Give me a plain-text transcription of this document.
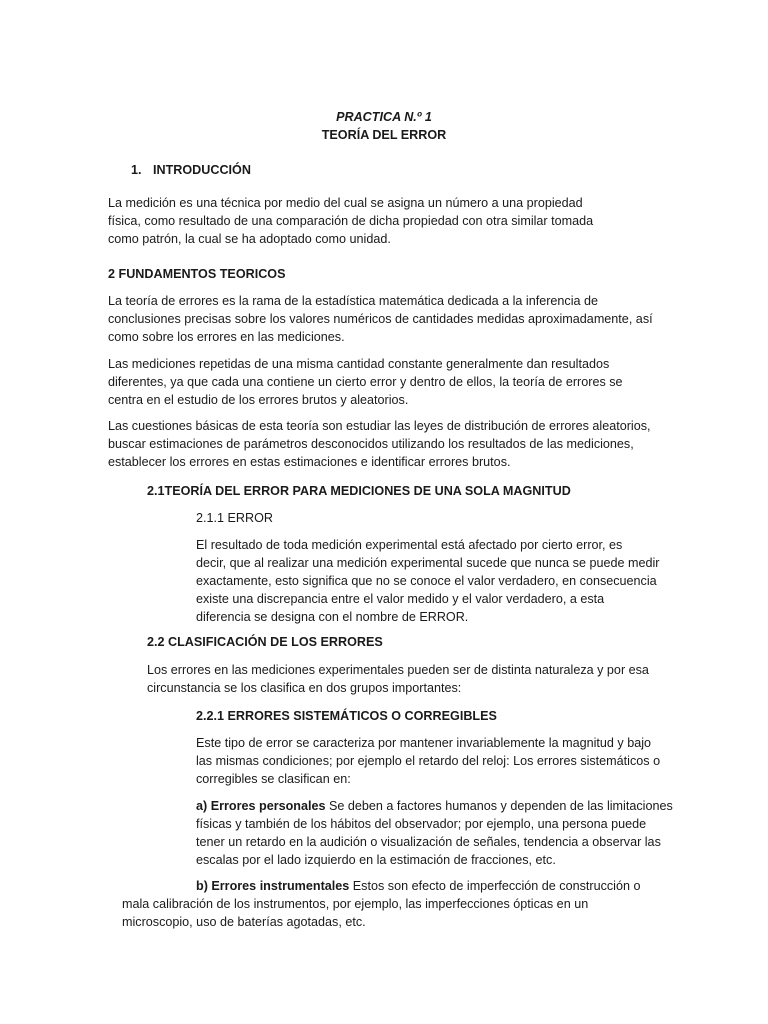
PRACTICA N.º 1
TEORÍA DEL ERROR
1. INTRODUCCIÓN
La medición es una técnica por medio del cual se asigna un número a una propiedad
física, como resultado de una comparación de dicha propiedad con otra similar tomada
como patrón, la cual se ha adoptado como unidad.
2 FUNDAMENTOS TEORICOS
La teoría de errores es la rama de la estadística matemática dedicada a la inferencia de
conclusiones precisas sobre los valores numéricos de cantidades medidas aproximadamente, así
como sobre los errores en las mediciones.
Las mediciones repetidas de una misma cantidad constante generalmente dan resultados
diferentes, ya que cada una contiene un cierto error y dentro de ellos, la teoría de errores se
centra en el estudio de los errores brutos y aleatorios.
Las cuestiones básicas de esta teoría son estudiar las leyes de distribución de errores aleatorios,
buscar estimaciones de parámetros desconocidos utilizando los resultados de las mediciones,
establecer los errores en estas estimaciones e identificar errores brutos.
2.1TEORÍA DEL ERROR PARA MEDICIONES DE UNA SOLA MAGNITUD
2.1.1 ERROR
El resultado de toda medición experimental está afectado por cierto error, es
decir, que al realizar una medición experimental sucede que nunca se puede medir
exactamente, esto significa que no se conoce el valor verdadero, en consecuencia
existe una discrepancia entre el valor medido y el valor verdadero, a esta
diferencia se designa con el nombre de ERROR.
2.2 CLASIFICACIÓN DE LOS ERRORES
Los errores en las mediciones experimentales pueden ser de distinta naturaleza y por esa
circunstancia se los clasifica en dos grupos importantes:
2.2.1 ERRORES SISTEMÁTICOS O CORREGIBLES
Este tipo de error se caracteriza por mantener invariablemente la magnitud y bajo
las mismas condiciones; por ejemplo el retardo del reloj: Los errores sistemáticos o
corregibles se clasifican en:
a) Errores personales Se deben a factores humanos y dependen de las limitaciones
físicas y también de los hábitos del observador; por ejemplo, una persona puede
tener un retardo en la audición o visualización de señales, tendencia a observar las
escalas por el lado izquierdo en la estimación de fracciones, etc.
b) Errores instrumentales Estos son efecto de imperfección de construcción o
mala calibración de los instrumentos, por ejemplo, las imperfecciones ópticas en un
microscopio, uso de baterías agotadas, etc.
